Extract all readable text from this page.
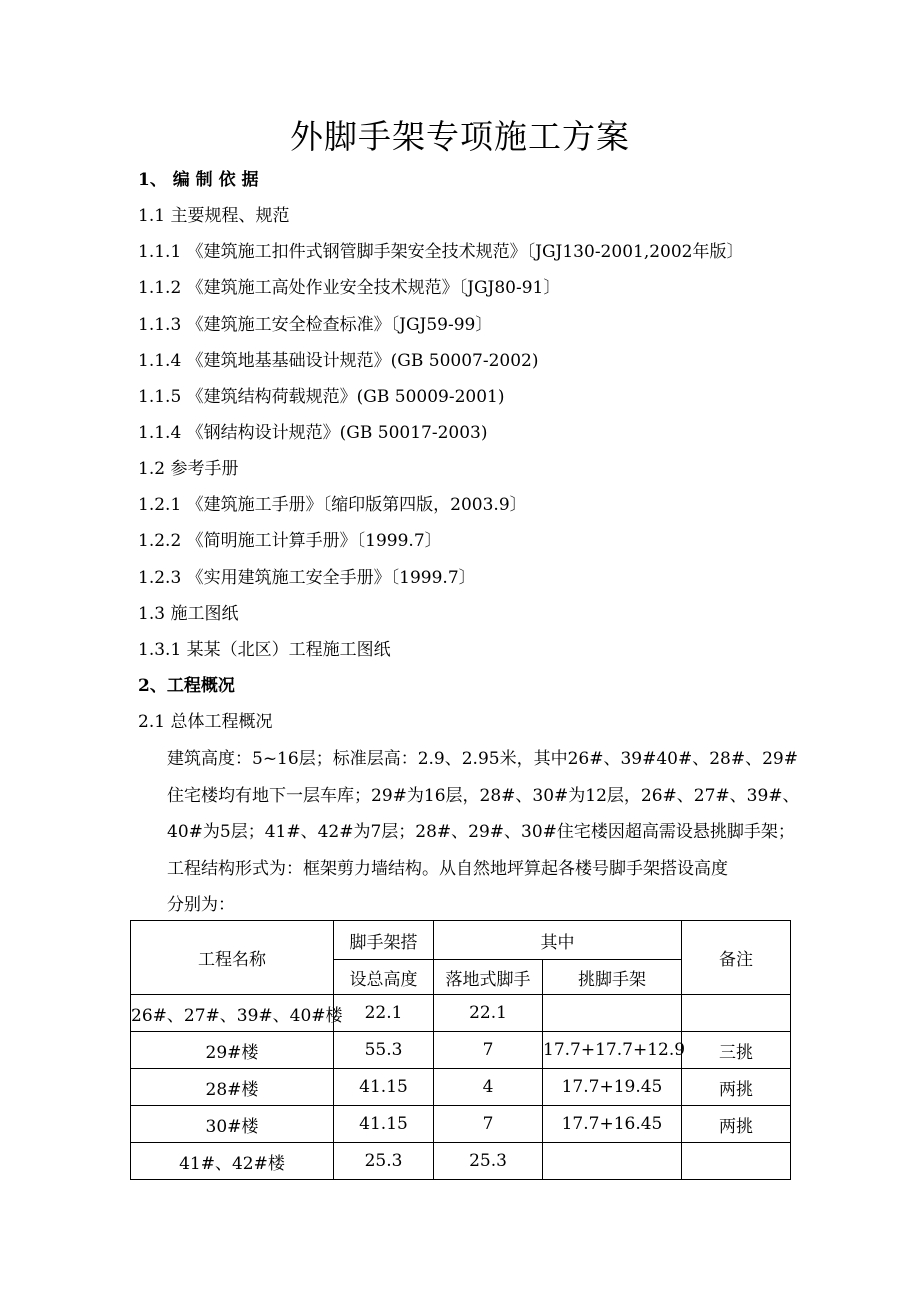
外脚手架专项施工方案
1、 编 制 依 据
1.1 主要规程、规范
1.1.1 《建筑施工扣件式钢管脚手架安全技术规范》〔JGJ130-2001,2002年版〕
1.1.2 《建筑施工高处作业安全技术规范》〔JGJ80-91〕
1.1.3 《建筑施工安全检查标准》〔JGJ59-99〕
1.1.4 《建筑地基基础设计规范》(GB 50007-2002)
1.1.5 《建筑结构荷载规范》(GB 50009-2001)
1.1.4 《钢结构设计规范》(GB 50017-2003)
1.2 参考手册
1.2.1 《建筑施工手册》〔缩印版第四版，2003.9〕
1.2.2 《简明施工计算手册》〔1999.7〕
1.2.3 《实用建筑施工安全手册》〔1999.7〕
1.3 施工图纸
1.3.1 某某（北区）工程施工图纸
2、工程概况
2.1 总体工程概况
建筑高度：5~16层；标准层高：2.9、2.95米，其中26#、39#40#、28#、29#
住宅楼均有地下一层车库；29#为16层，28#、30#为12层，26#、27#、39#、
40#为5层；41#、42#为7层；28#、29#、30#住宅楼因超高需设悬挑脚手架；
工程结构形式为：框架剪力墙结构。从自然地坪算起各楼号脚手架搭设高度
分别为：
工程名称	脚手架搭	其中		备注
	设总高度	落地式脚手	挑脚手架	
26#、27#、39#、40#楼	22.1	22.1		
29#楼	55.3	7	17.7+17.7+12.9	三挑
28#楼	41.15	4	17.7+19.45	两挑
30#楼	41.15	7	17.7+16.45	两挑
41#、42#楼	25.3	25.3		
